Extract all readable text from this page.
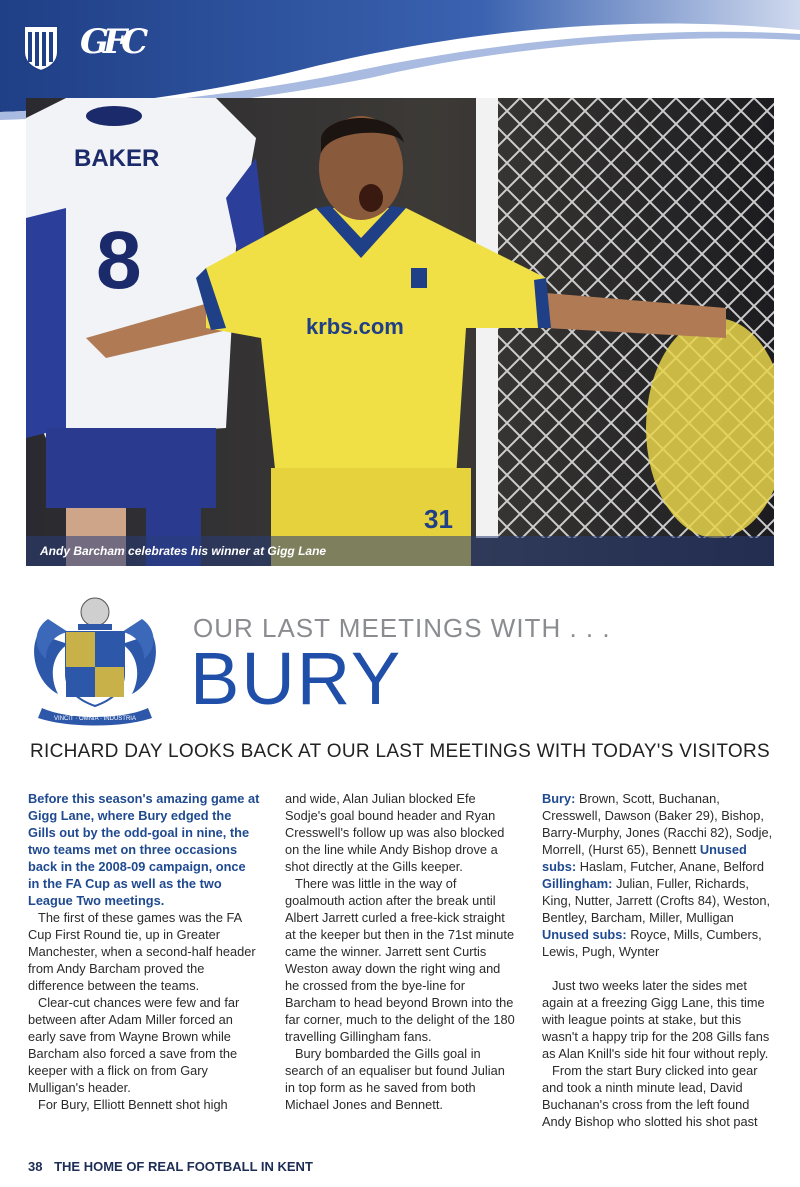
GFC
8
BAKER
krbs.com
31
Andy Barcham celebrates his winner at Gigg Lane
VINCIT · OMNIA · INDUSTRIA
OUR LAST MEETINGS WITH . . .
BURY
RICHARD DAY LOOKS BACK AT OUR LAST MEETINGS WITH TODAY'S VISITORS

Before this season's amazing game at Gigg Lane, where Bury edged the Gills out by the odd-goal in nine, the two teams met on three occasions back in the 2008-09 campaign, once in the FA Cup as well as the two League Two meetings.

The first of these games was the FA Cup First Round tie, up in Greater Manchester, when a second-half header from Andy Barcham proved the difference between the teams.

Clear-cut chances were few and far between after Adam Miller forced an early save from Wayne Brown while Barcham also forced a save from the keeper with a flick on from Gary Mulligan's header.

For Bury, Elliott Bennett shot high

and wide, Alan Julian blocked Efe Sodje's goal bound header and Ryan Cresswell's follow up was also blocked on the line while Andy Bishop drove a shot directly at the Gills keeper.

There was little in the way of goalmouth action after the break until Albert Jarrett curled a free-kick straight at the keeper but then in the 71st minute came the winner. Jarrett sent Curtis Weston away down the right wing and he crossed from the bye-line for Barcham to head beyond Brown into the far corner, much to the delight of the 180 travelling Gillingham fans.

Bury bombarded the Gills goal in search of an equaliser but found Julian in top form as he saved from both Michael Jones and Bennett.

Bury: Brown, Scott, Buchanan, Cresswell, Dawson (Baker 29), Bishop, Barry-Murphy, Jones (Racchi 82), Sodje, Morrell, (Hurst 65), Bennett Unused subs: Haslam, Futcher, Anane, Belford

Gillingham: Julian, Fuller, Richards, King, Nutter, Jarrett (Crofts 84), Weston, Bentley, Barcham, Miller, Mulligan Unused subs: Royce, Mills, Cumbers, Lewis, Pugh, Wynter

Just two weeks later the sides met again at a freezing Gigg Lane, this time with league points at stake, but this wasn't a happy trip for the 208 Gills fans as Alan Knill's side hit four without reply.

From the start Bury clicked into gear and took a ninth minute lead, David Buchanan's cross from the left found Andy Bishop who slotted his shot past

38 THE HOME OF REAL FOOTBALL IN KENT
